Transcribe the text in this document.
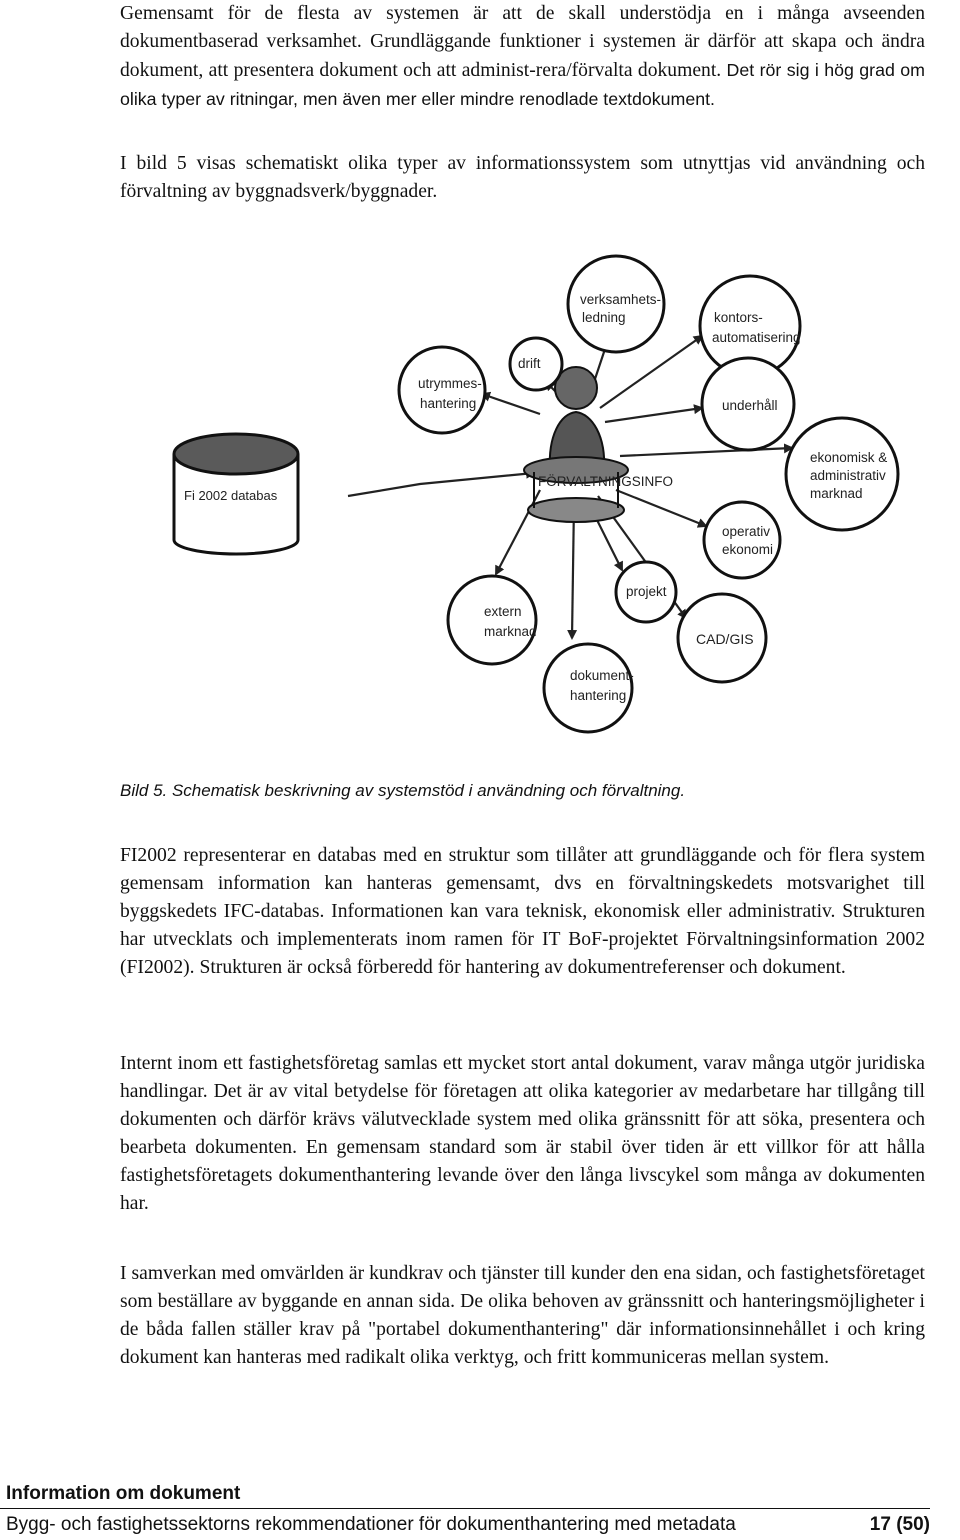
Gemensamt för de flesta av systemen är att de skall understödja en i många avseenden dokumentbaserad verksamhet. Grundläggande funktioner i systemen är därför att skapa och ändra dokument, att presentera dokument och att administ-rera/förvalta dokument. Det rör sig i hög grad om olika typer av ritningar, men även mer eller mindre renodlade textdokument.

I bild 5 visas schematiskt olika typer av informationssystem som utnyttjas vid användning och förvaltning av byggnadsverk/byggnader.

FÖRVALTNINGSINFO
Fi 2002 databas
verksamhets-
ledning	kontors-
automatisering
drift
utrymmes-
hantering	underhåll
ekonomisk &
administrativ
marknad
operativ
ekonomi
projekt
extern
marknad	CAD/GIS
dokument-
hantering

Bild 5. Schematisk beskrivning av systemstöd i användning och förvaltning.

FI2002 representerar en databas med en struktur som tillåter att grundläggande och för flera system gemensam information kan hanteras gemensamt, dvs en förvaltningskedets motsvarighet till byggskedets IFC-databas. Informationen kan vara teknisk, ekonomisk eller administrativ. Strukturen har utvecklats och implementerats inom ramen för IT BoF-projektet Förvaltningsinformation 2002 (FI2002). Strukturen är också förberedd för hantering av dokumentreferenser och dokument.

Internt inom ett fastighetsföretag samlas ett mycket stort antal dokument, varav många utgör juridiska handlingar. Det är av vital betydelse för företagen att olika kategorier av medarbetare har tillgång till dokumenten och därför krävs välutvecklade system med olika gränssnitt för att söka, presentera och bearbeta dokumenten. En gemensam standard som är stabil över tiden är ett villkor för att hålla fastighetsföretagets dokumenthantering levande över den långa livscykel som många av dokumenten har.

I samverkan med omvärlden är kundkrav och tjänster till kunder den ena sidan, och fastighetsföretaget som beställare av byggande en annan sida. De olika behoven av gränssnitt och hanteringsmöjligheter i de båda fallen ställer krav på "portabel dokumenthantering" där informationsinnehållet i och kring dokument kan hanteras med radikalt olika verktyg, och fritt kommuniceras mellan system.

Information om dokument

Bygg- och fastighetssektorns rekommendationer för dokumenthantering med metadata	17 (50)
